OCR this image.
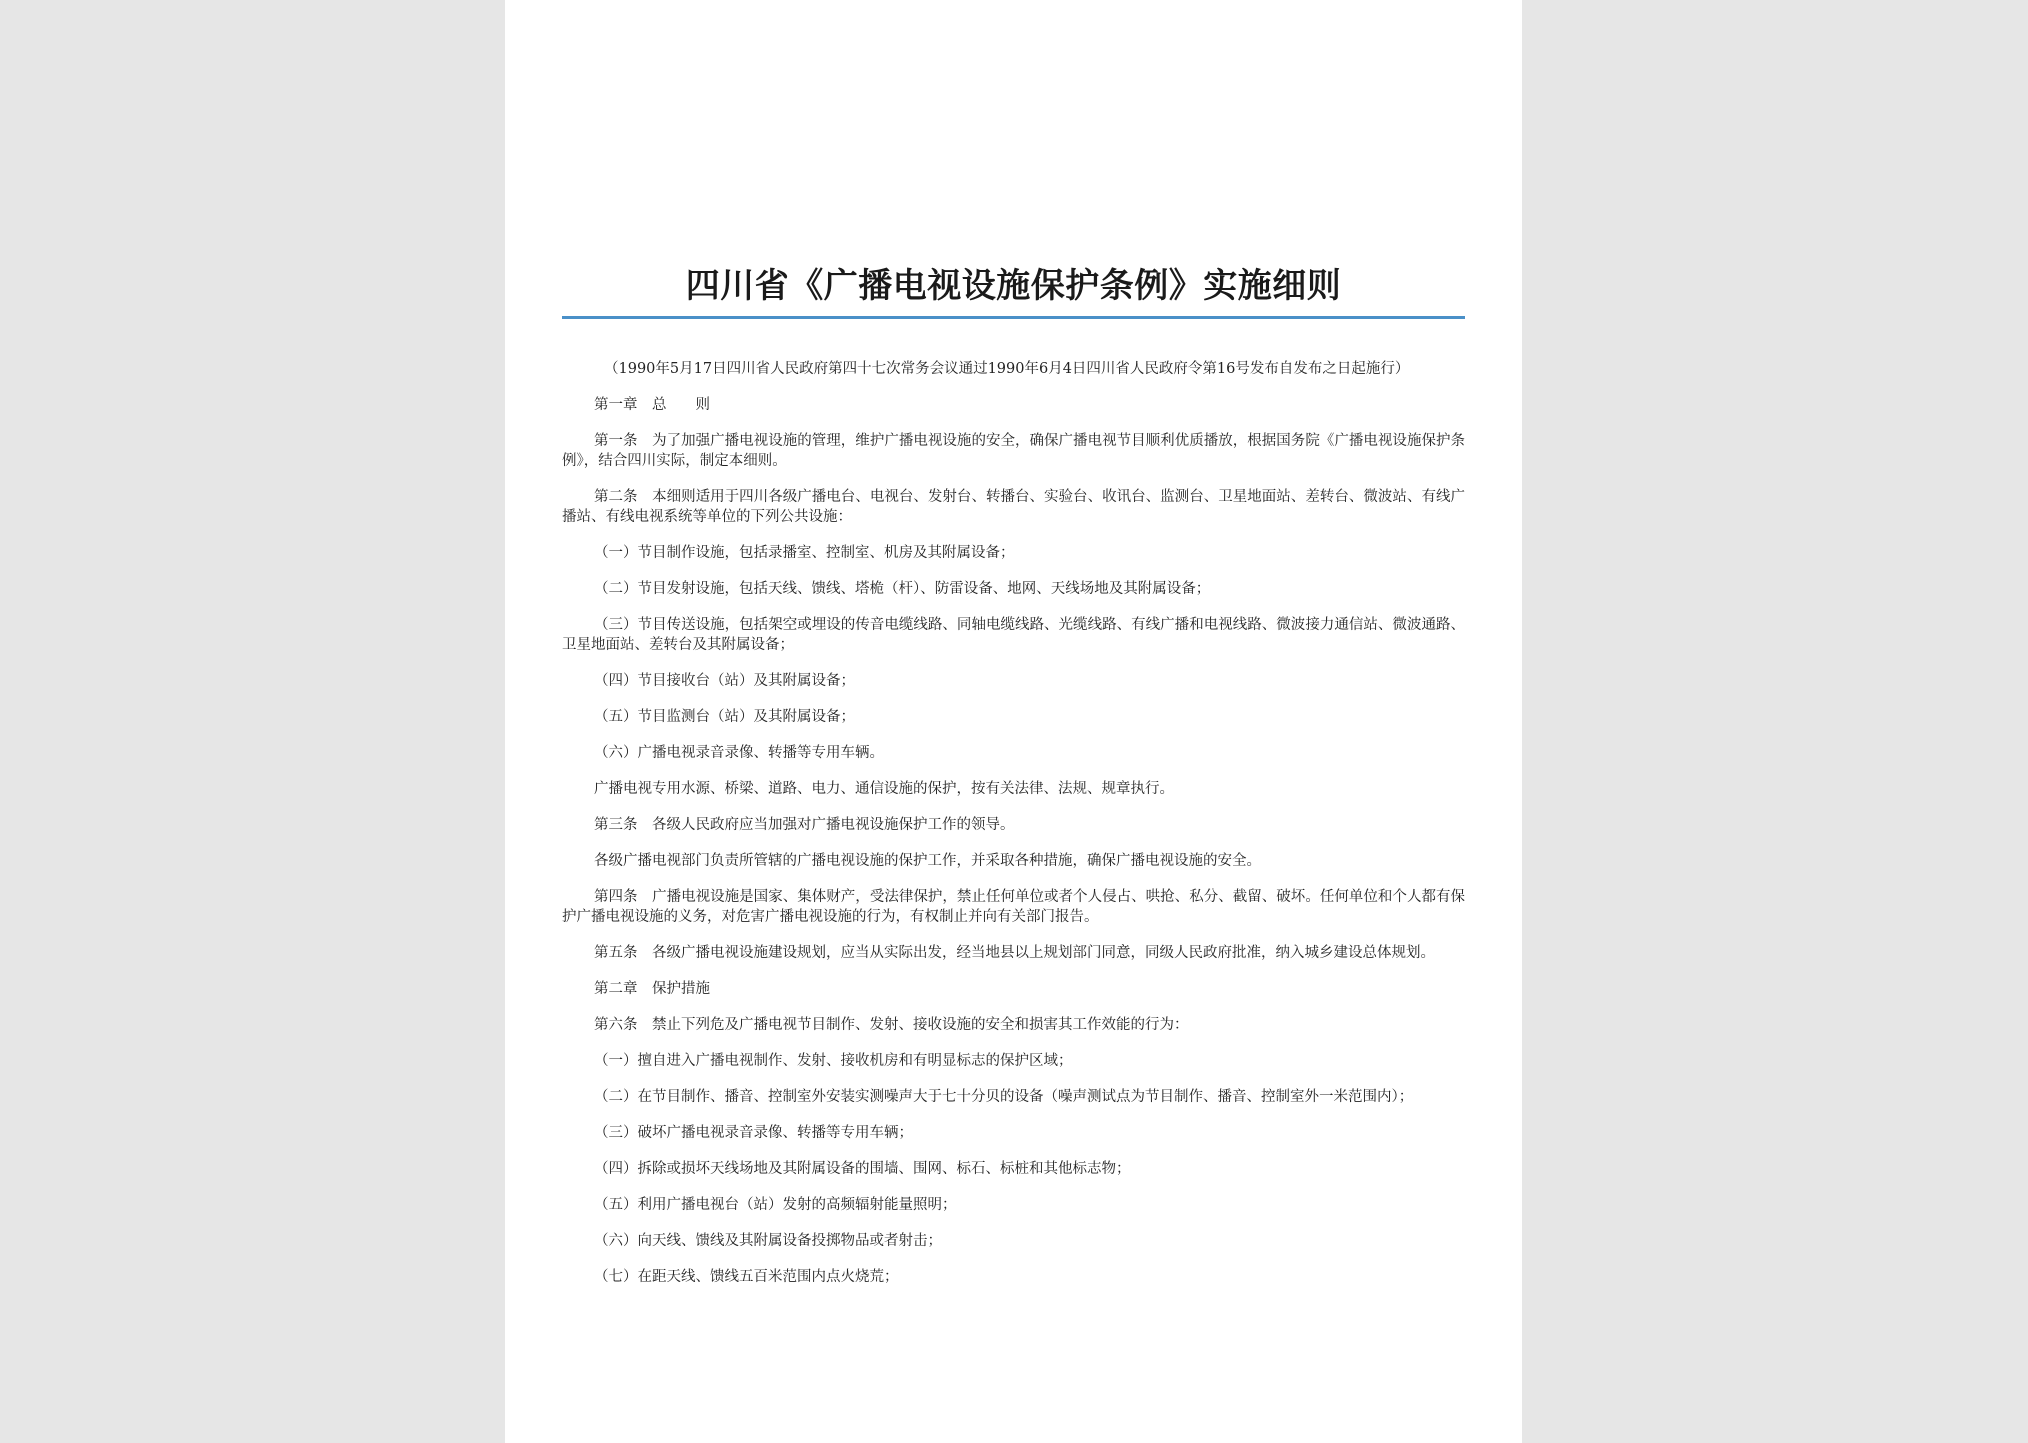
四川省《广播电视设施保护条例》实施细则

（1990年5月17日四川省人民政府第四十七次常务会议通过1990年6月4日四川省人民政府令第16号发布自发布之日起施行）

第一章　总　　则

第一条　为了加强广播电视设施的管理，维护广播电视设施的安全，确保广播电视节目顺利优质播放，根据国务院《广播电视设施保护条例》，结合四川实际，制定本细则。

第二条　本细则适用于四川各级广播电台、电视台、发射台、转播台、实验台、收讯台、监测台、卫星地面站、差转台、微波站、有线广播站、有线电视系统等单位的下列公共设施：

（一）节目制作设施，包括录播室、控制室、机房及其附属设备；

（二）节目发射设施，包括天线、馈线、塔桅（杆）、防雷设备、地网、天线场地及其附属设备；

（三）节目传送设施，包括架空或埋设的传音电缆线路、同轴电缆线路、光缆线路、有线广播和电视线路、微波接力通信站、微波通路、卫星地面站、差转台及其附属设备；

（四）节目接收台（站）及其附属设备；

（五）节目监测台（站）及其附属设备；

（六）广播电视录音录像、转播等专用车辆。

广播电视专用水源、桥梁、道路、电力、通信设施的保护，按有关法律、法规、规章执行。

第三条　各级人民政府应当加强对广播电视设施保护工作的领导。

各级广播电视部门负责所管辖的广播电视设施的保护工作，并采取各种措施，确保广播电视设施的安全。

第四条　广播电视设施是国家、集体财产，受法律保护，禁止任何单位或者个人侵占、哄抢、私分、截留、破坏。任何单位和个人都有保护广播电视设施的义务，对危害广播电视设施的行为，有权制止并向有关部门报告。

第五条　各级广播电视设施建设规划，应当从实际出发，经当地县以上规划部门同意，同级人民政府批准，纳入城乡建设总体规划。

第二章　保护措施

第六条　禁止下列危及广播电视节目制作、发射、接收设施的安全和损害其工作效能的行为：

（一）擅自进入广播电视制作、发射、接收机房和有明显标志的保护区域；

（二）在节目制作、播音、控制室外安装实测噪声大于七十分贝的设备（噪声测试点为节目制作、播音、控制室外一米范围内）；

（三）破坏广播电视录音录像、转播等专用车辆；

（四）拆除或损坏天线场地及其附属设备的围墙、围网、标石、标桩和其他标志物；

（五）利用广播电视台（站）发射的高频辐射能量照明；

（六）向天线、馈线及其附属设备投掷物品或者射击；

（七）在距天线、馈线五百米范围内点火烧荒；
